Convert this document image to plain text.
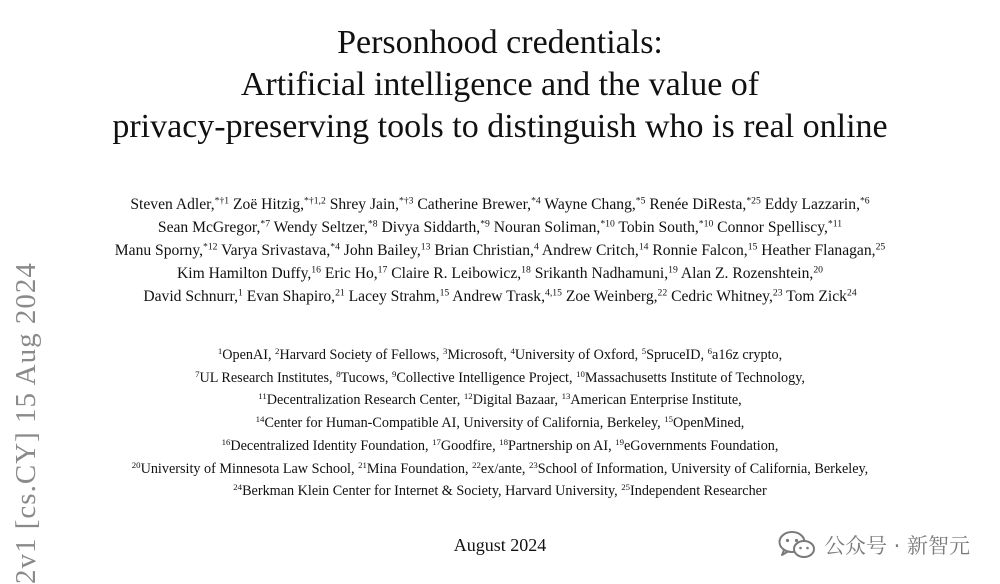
2v1 [cs.CY] 15 Aug 2024
Personhood credentials:
Artificial intelligence and the value of
privacy-preserving tools to distinguish who is real online
Steven Adler,$^{*\dagger 1}$ Zoë Hitzig,$^{*\dagger 1,2}$ Shrey Jain,$^{*\dagger 3}$ Catherine Brewer,$^{*4}$ Wayne Chang,$^{*5}$ Renée DiResta,$^{*25}$ Eddy Lazzarin,$^{*6}$
Sean McGregor,$^{*7}$ Wendy Seltzer,$^{*8}$ Divya Siddarth,$^{*9}$ Nouran Soliman,$^{*10}$ Tobin South,$^{*10}$ Connor Spelliscy,$^{*11}$
Manu Sporny,$^{*12}$ Varya Srivastava,$^{*4}$ John Bailey,$^{13}$ Brian Christian,$^4$ Andrew Critch,$^{14}$ Ronnie Falcon,$^{15}$ Heather Flanagan,$^{25}$
Kim Hamilton Duffy,$^{16}$ Eric Ho,$^{17}$ Claire R. Leibowicz,$^{18}$ Srikanth Nadhamuni,$^{19}$ Alan Z. Rozenshtein,$^{20}$
David Schnurr,$^1$ Evan Shapiro,$^{21}$ Lacey Strahm,$^{15}$ Andrew Trask,$^{4,15}$ Zoe Weinberg,$^{22}$ Cedric Whitney,$^{23}$ Tom Zick$^{24}$
$^1$OpenAI, $^2$Harvard Society of Fellows, $^3$Microsoft, $^4$University of Oxford, $^5$SpruceID, $^6$a16z crypto,
$^7$UL Research Institutes, $^8$Tucows, $^9$Collective Intelligence Project, $^{10}$Massachusetts Institute of Technology,
$^{11}$Decentralization Research Center, $^{12}$Digital Bazaar, $^{13}$American Enterprise Institute,
$^{14}$Center for Human-Compatible AI, University of California, Berkeley, $^{15}$OpenMined,
$^{16}$Decentralized Identity Foundation, $^{17}$Goodfire, $^{18}$Partnership on AI, $^{19}$eGovernments Foundation,
$^{20}$University of Minnesota Law School, $^{21}$Mina Foundation, $^{22}$ex/ante, $^{23}$School of Information, University of California, Berkeley,
$^{24}$Berkman Klein Center for Internet & Society, Harvard University, $^{25}$Independent Researcher
August 2024	公众号 · 新智元
